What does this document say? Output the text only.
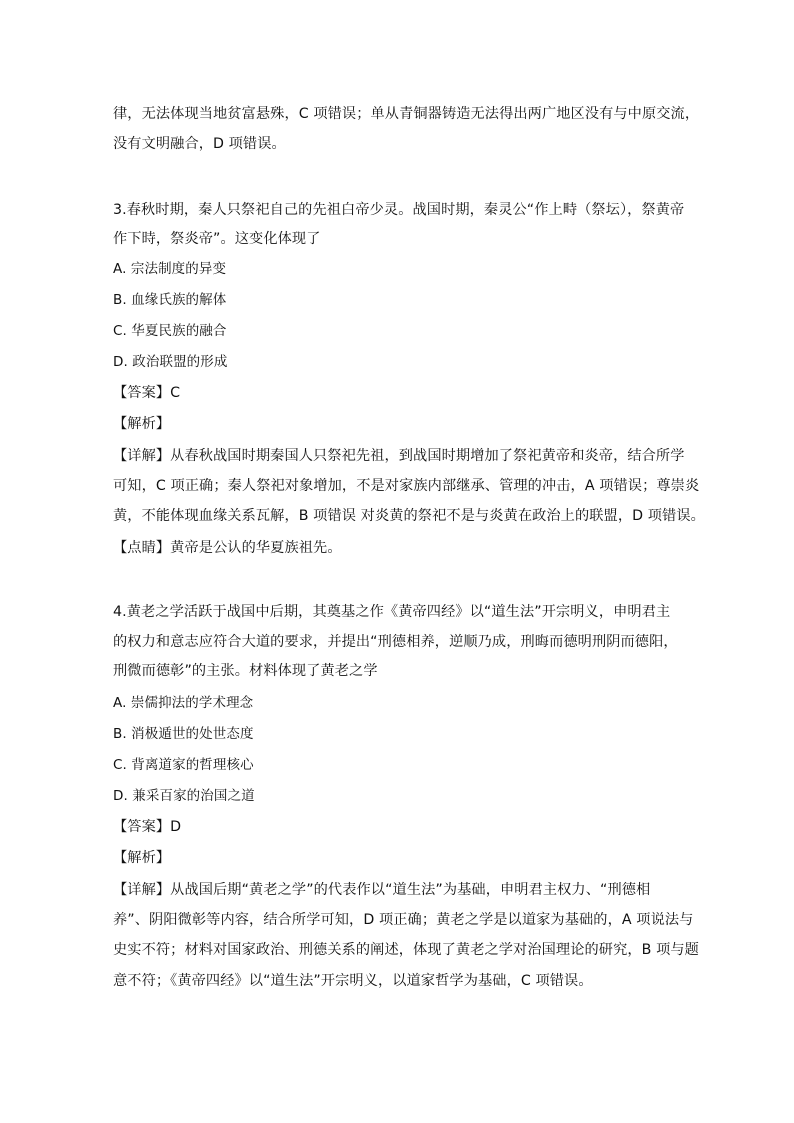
律，无法体现当地贫富悬殊，C 项错误；单从青铜器铸造无法得出两广地区没有与中原交流，
没有文明融合，D 项错误。
3.春秋时期，秦人只祭祀自己的先祖白帝少灵。战国时期，秦灵公“作上畤（祭坛），祭黄帝
作下時，祭炎帝”。这变化体现了
A. 宗法制度的异变
B. 血缘氏族的解体
C. 华夏民族的融合
D. 政治联盟的形成
【答案】C
【解析】
【详解】从春秋战国时期秦国人只祭祀先祖，到战国时期增加了祭祀黄帝和炎帝，结合所学
可知，C 项正确；秦人祭祀对象增加，不是对家族内部继承、管理的冲击，A 项错误；尊崇炎
黄，不能体现血缘关系瓦解，B 项错误 对炎黄的祭祀不是与炎黄在政治上的联盟，D 项错误。
【点睛】黄帝是公认的华夏族祖先。
4.黄老之学活跃于战国中后期，其奠基之作《黄帝四经》以“道生法”开宗明义，申明君主
的权力和意志应符合大道的要求，并提出“刑德相养，逆顺乃成，刑晦而德明刑阴而德阳，
刑微而德彰”的主张。材料体现了黄老之学
A. 崇儒抑法的学术理念
B. 消极遁世的处世态度
C. 背离道家的哲理核心
D. 兼采百家的治国之道
【答案】D
【解析】
【详解】从战国后期“黄老之学”的代表作以“道生法”为基础，申明君主权力、“刑德相
养”、阴阳微彰等内容，结合所学可知，D 项正确；黄老之学是以道家为基础的，A 项说法与
史实不符；材料对国家政治、刑德关系的阐述，体现了黄老之学对治国理论的研究，B 项与题
意不符；《黄帝四经》以“道生法”开宗明义，以道家哲学为基础，C 项错误。
